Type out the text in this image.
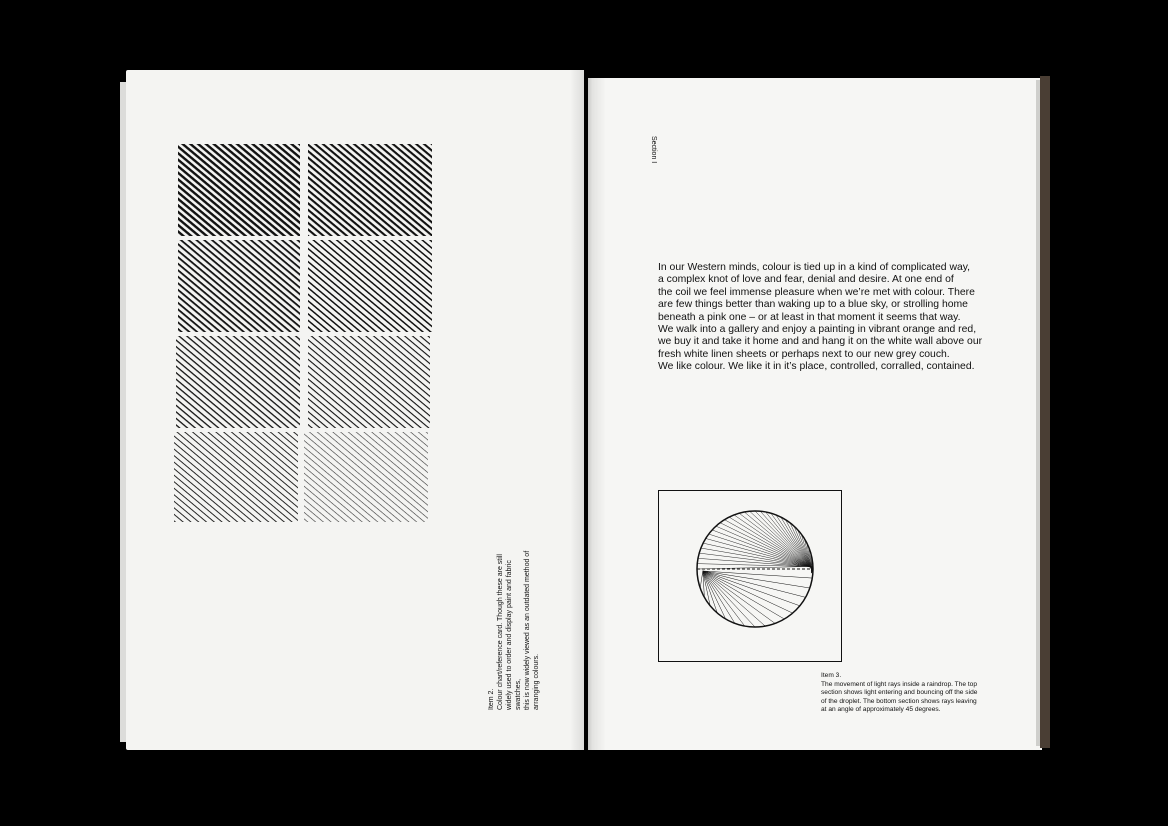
Item 2. Colour chart/reference card. Though these are still widely used to order and display paint and fabric swatches, this is now widely viewed as an outdated method of arranging colours.
Section I

In our Western minds, colour is tied up in a kind of complicated way,

a complex knot of love and fear, denial and desire. At one end of

the coil we feel immense pleasure when we’re met with colour. There

are few things better than waking up to a blue sky, or strolling home

beneath a pink one – or at least in that moment it seems that way.

We walk into a gallery and enjoy a painting in vibrant orange and red,

we buy it and take it home and and hang it on the white wall above our

fresh white linen sheets or perhaps next to our new grey couch.

We like colour. We like it in it’s place, controlled, corralled, contained.

Item 3.

The movement of light rays inside a raindrop. The top

section shows light entering and bouncing off the side

of the droplet. The bottom section shows rays leaving

at an angle of approximately 45 degrees.
